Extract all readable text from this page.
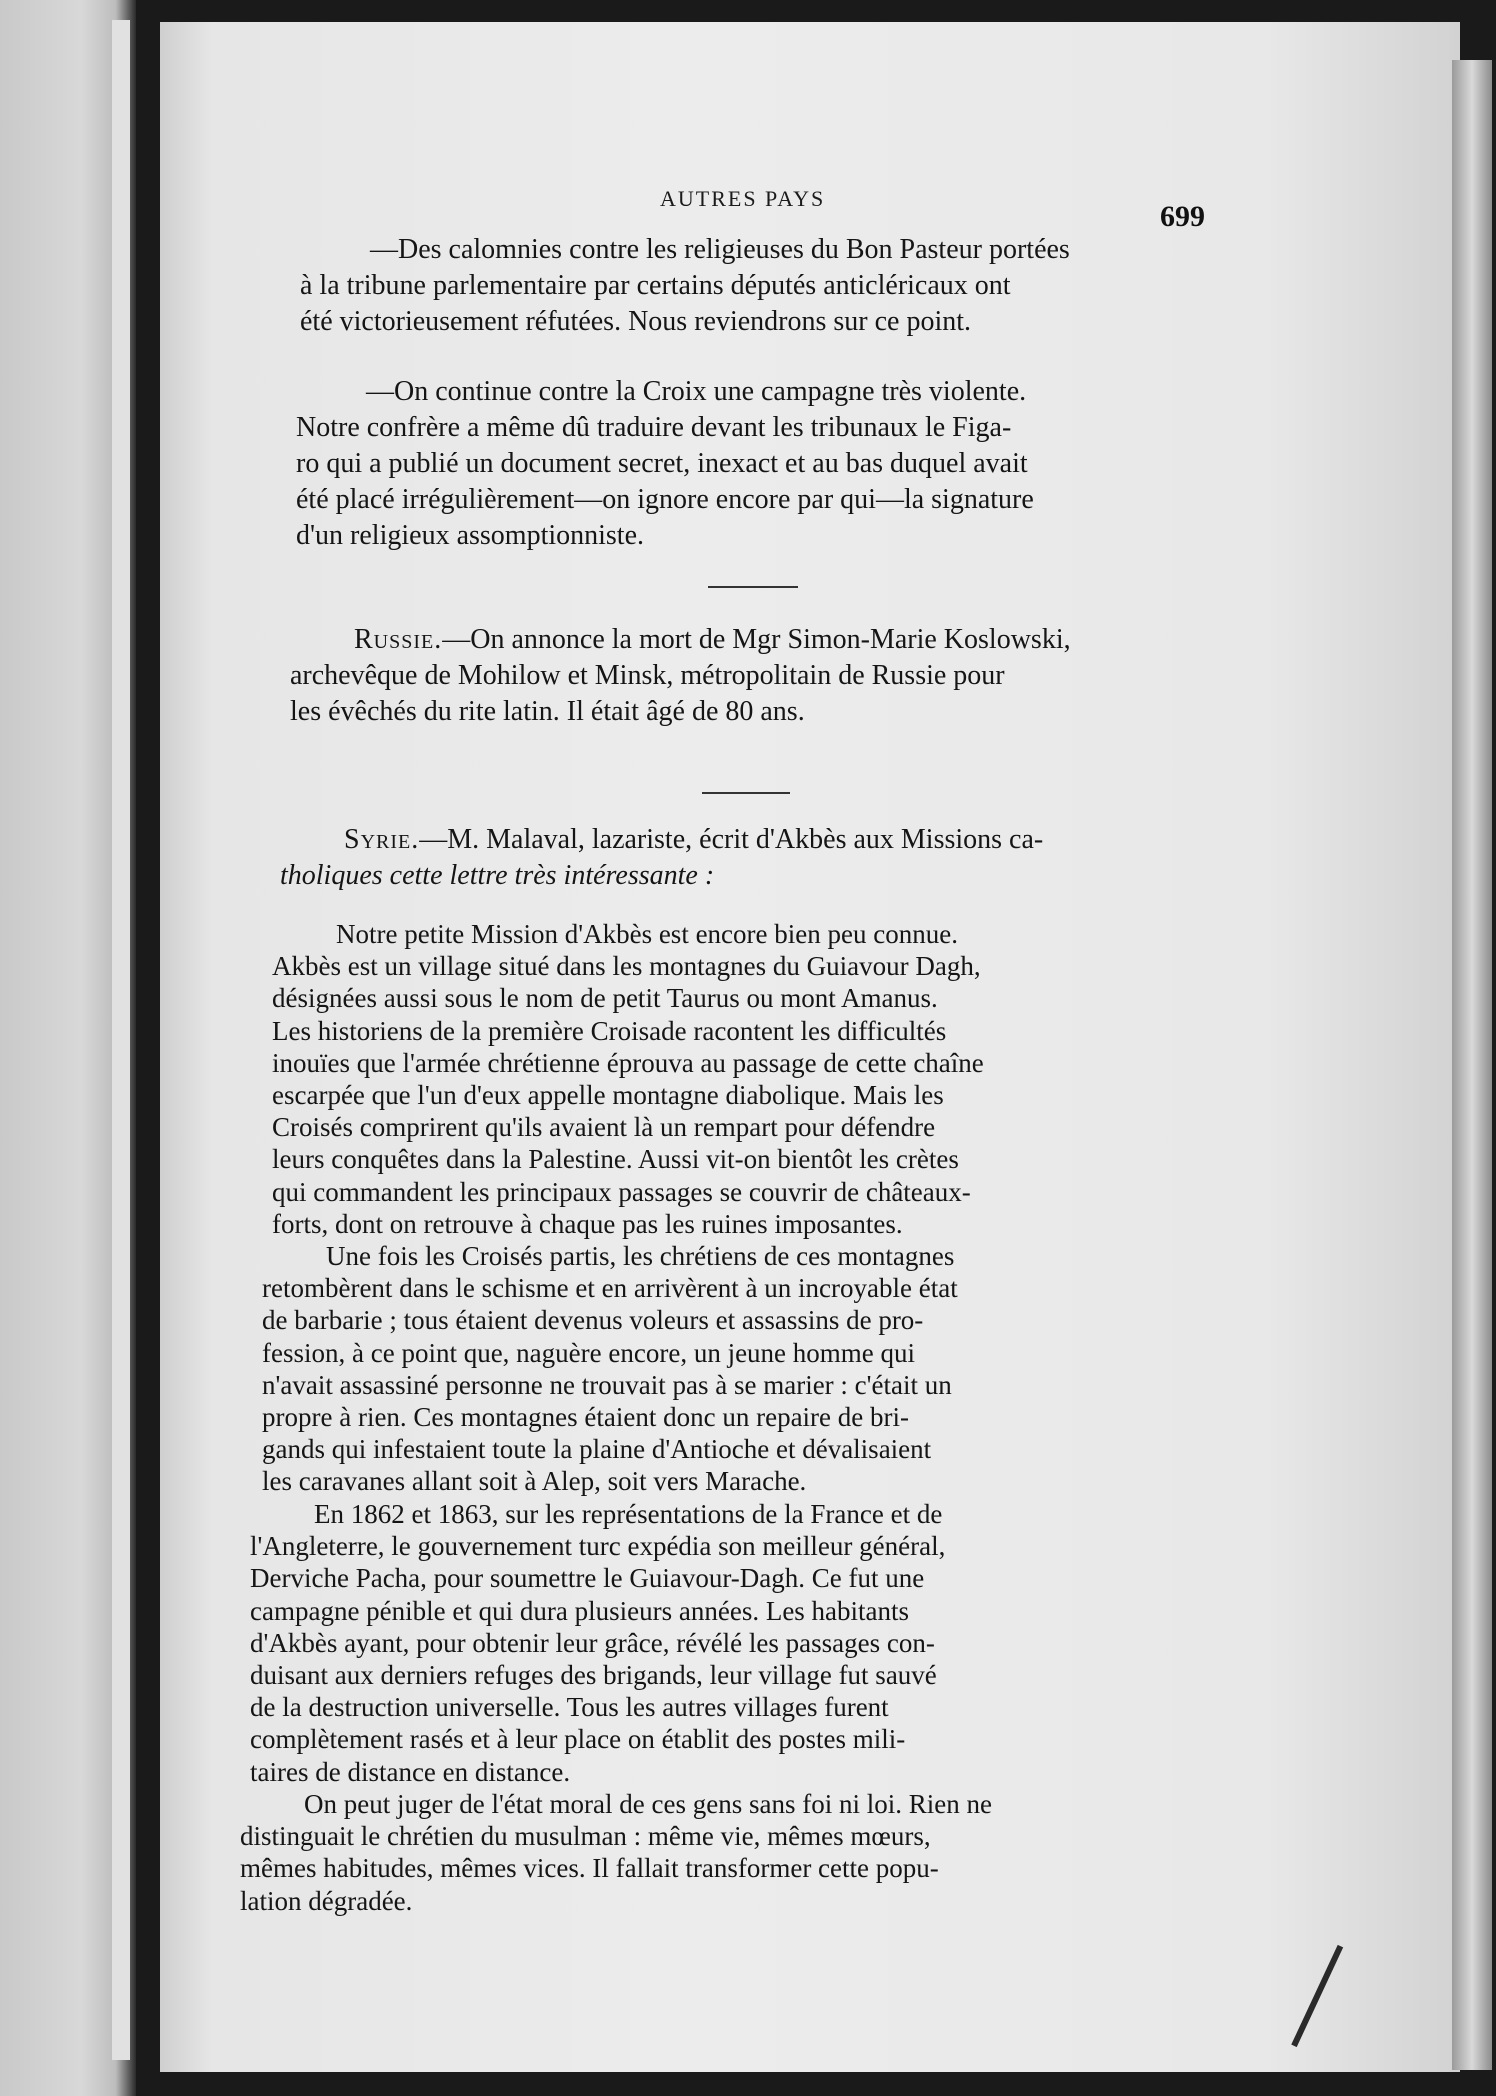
AUTRES PAYS
699
—Des calomnies contre les religieuses du Bon Pasteur portées
à la tribune parlementaire par certains députés anticléricaux ont
été victorieusement réfutées. Nous reviendrons sur ce point.
—On continue contre la Croix une campagne très violente.
Notre confrère a même dû traduire devant les tribunaux le Figa-
ro qui a publié un document secret, inexact et au bas duquel avait
été placé irrégulièrement—on ignore encore par qui—la signature
d'un religieux assomptionniste.
Russie.—On annonce la mort de Mgr Simon-Marie Koslowski,
archevêque de Mohilow et Minsk, métropolitain de Russie pour
les évêchés du rite latin. Il était âgé de 80 ans.
Syrie.—M. Malaval, lazariste, écrit d'Akbès aux Missions ca-
tholiques cette lettre très intéressante :
Notre petite Mission d'Akbès est encore bien peu connue.
Akbès est un village situé dans les montagnes du Guiavour Dagh,
désignées aussi sous le nom de petit Taurus ou mont Amanus.
Les historiens de la première Croisade racontent les difficultés
inouïes que l'armée chrétienne éprouva au passage de cette chaîne
escarpée que l'un d'eux appelle montagne diabolique. Mais les
Croisés comprirent qu'ils avaient là un rempart pour défendre
leurs conquêtes dans la Palestine. Aussi vit-on bientôt les crètes
qui commandent les principaux passages se couvrir de châteaux-
forts, dont on retrouve à chaque pas les ruines imposantes.
Une fois les Croisés partis, les chrétiens de ces montagnes
retombèrent dans le schisme et en arrivèrent à un incroyable état
de barbarie ; tous étaient devenus voleurs et assassins de pro-
fession, à ce point que, naguère encore, un jeune homme qui
n'avait assassiné personne ne trouvait pas à se marier : c'était un
propre à rien. Ces montagnes étaient donc un repaire de bri-
gands qui infestaient toute la plaine d'Antioche et dévalisaient
les caravanes allant soit à Alep, soit vers Marache.
En 1862 et 1863, sur les représentations de la France et de
l'Angleterre, le gouvernement turc expédia son meilleur général,
Derviche Pacha, pour soumettre le Guiavour-Dagh. Ce fut une
campagne pénible et qui dura plusieurs années. Les habitants
d'Akbès ayant, pour obtenir leur grâce, révélé les passages con-
duisant aux derniers refuges des brigands, leur village fut sauvé
de la destruction universelle. Tous les autres villages furent
complètement rasés et à leur place on établit des postes mili-
taires de distance en distance.
On peut juger de l'état moral de ces gens sans foi ni loi. Rien ne
distinguait le chrétien du musulman : même vie, mêmes mœurs,
mêmes habitudes, mêmes vices. Il fallait transformer cette popu-
lation dégradée.
